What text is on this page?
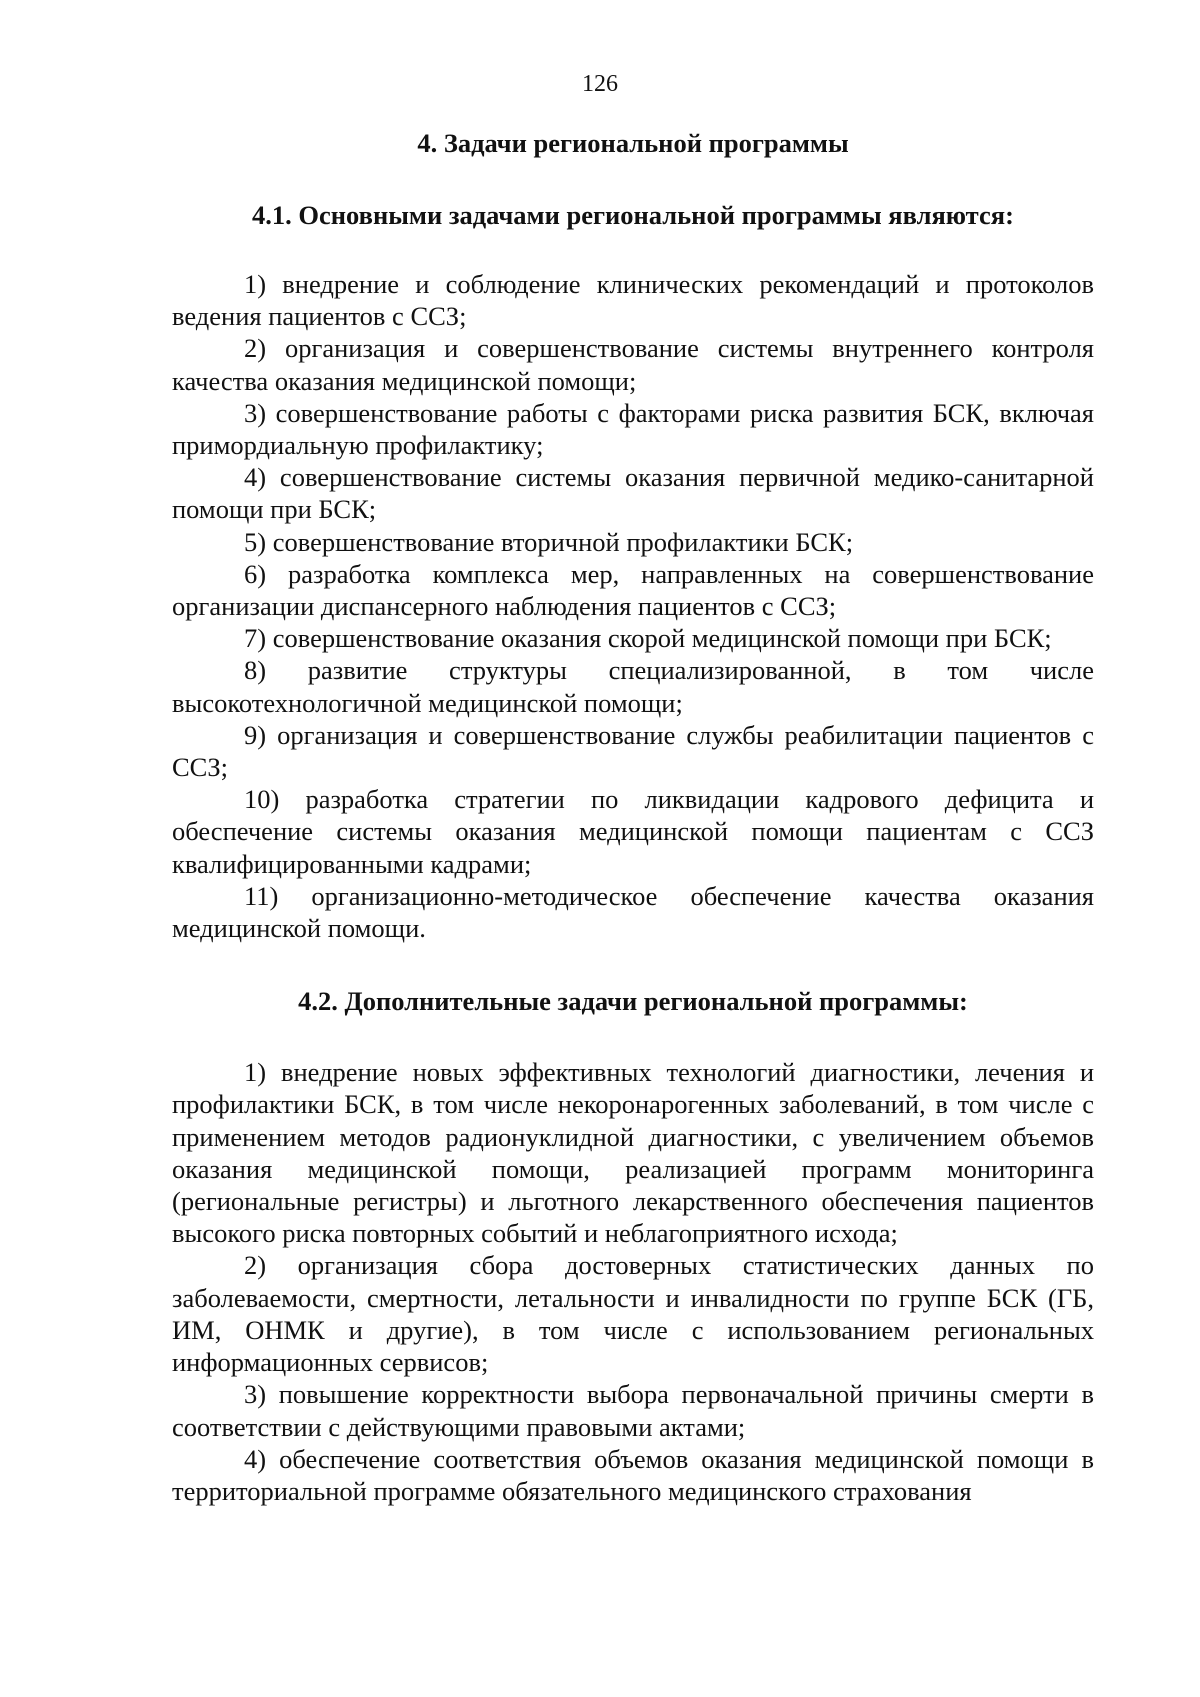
126
4. Задачи региональной программы
4.1. Основными задачами региональной программы являются:
1) внедрение и соблюдение клинических рекомендаций и протоколов ведения пациентов с ССЗ;
2) организация и совершенствование системы внутреннего контроля качества оказания медицинской помощи;
3) совершенствование работы с факторами риска развития БСК, включая примордиальную профилактику;
4) совершенствование системы оказания первичной медико-санитарной помощи при БСК;
5) совершенствование вторичной профилактики БСК;
6) разработка комплекса мер, направленных на совершенствование организации диспансерного наблюдения пациентов с ССЗ;
7) совершенствование оказания скорой медицинской помощи при БСК;
8) развитие структуры специализированной, в том числе высокотехнологичной медицинской помощи;
9) организация и совершенствование службы реабилитации пациентов с ССЗ;
10) разработка стратегии по ликвидации кадрового дефицита и обеспечение системы оказания медицинской помощи пациентам с ССЗ квалифицированными кадрами;
11) организационно-методическое обеспечение качества оказания медицинской помощи.
4.2. Дополнительные задачи региональной программы:
1) внедрение новых эффективных технологий диагностики, лечения и профилактики БСК, в том числе некоронарогенных заболеваний, в том числе с применением методов радионуклидной диагностики, с увеличением объемов оказания медицинской помощи, реализацией программ мониторинга (региональные регистры) и льготного лекарственного обеспечения пациентов высокого риска повторных событий и неблагоприятного исхода;
2) организация сбора достоверных статистических данных по заболеваемости, смертности, летальности и инвалидности по группе БСК (ГБ, ИМ, ОНМК и другие), в том числе с использованием региональных информационных сервисов;
3) повышение корректности выбора первоначальной причины смерти в соответствии с действующими правовыми актами;
4) обеспечение соответствия объемов оказания медицинской помощи в территориальной программе обязательного медицинского страхования
